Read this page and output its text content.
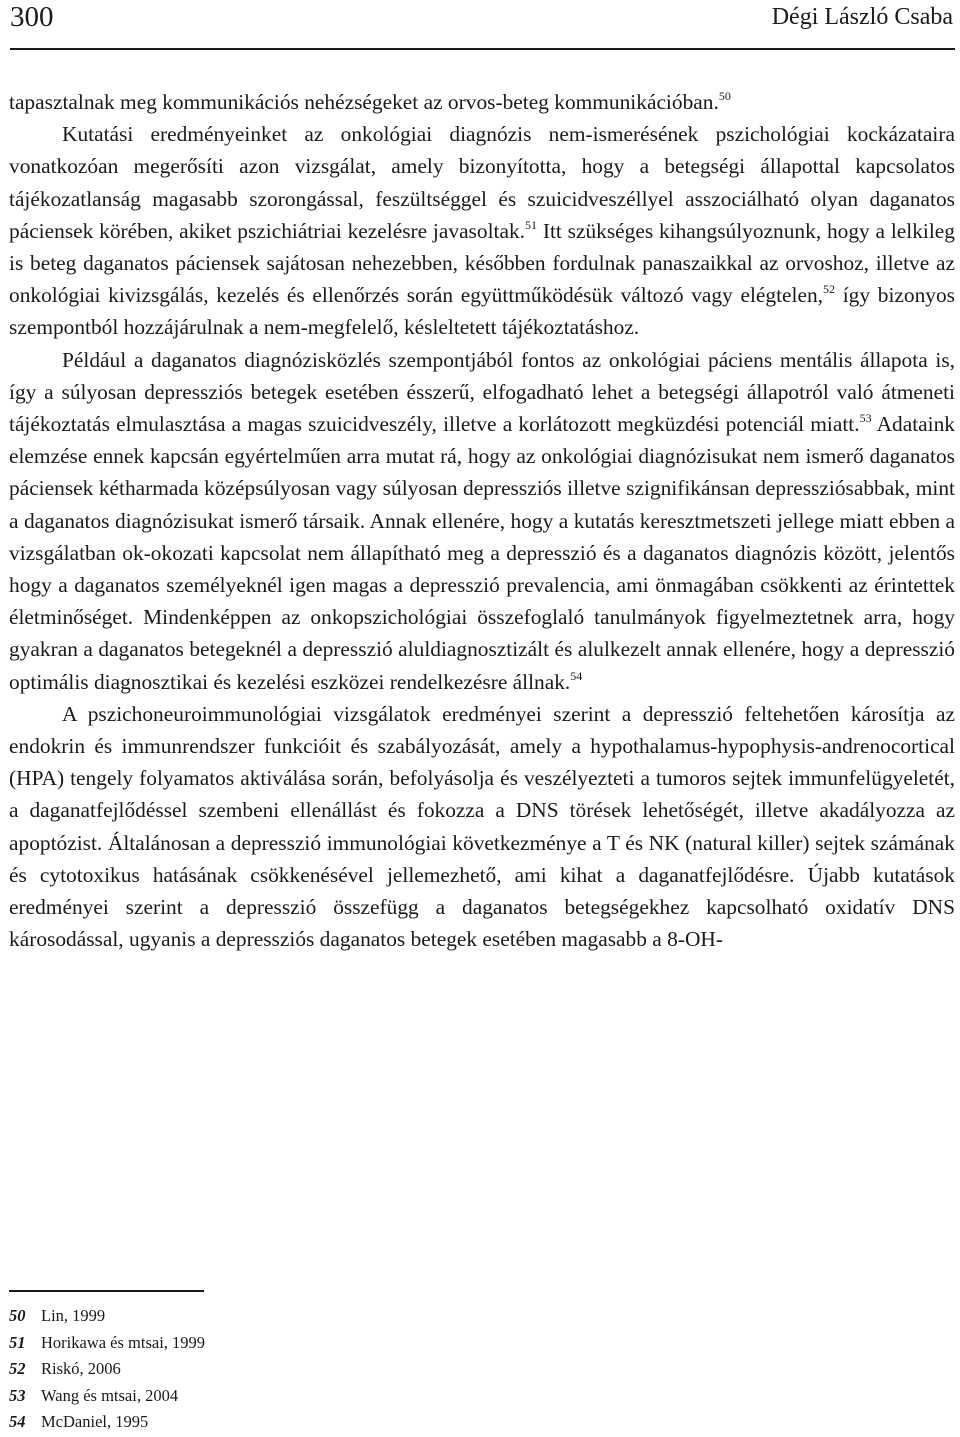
300	Dégi László Csaba

tapasztalnak meg kommunikációs nehézségeket az orvos-beteg kommunikációban.$^{50}$

Kutatási eredményeinket az onkológiai diagnózis nem-ismerésének pszichológiai kockázataira vonatkozóan megerősíti azon vizsgálat, amely bizonyította, hogy a betegségi állapottal kapcsolatos tájékozatlanság magasabb szorongással, feszültséggel és szuicidveszéllyel asszociálható olyan daganatos páciensek körében, akiket pszichiátriai kezelésre javasoltak.$^{51}$ Itt szükséges kihangsúlyoznunk, hogy a lelkileg is beteg daganatos páciensek sajátosan nehezebben, későbben fordulnak panaszaikkal az orvoshoz, illetve az onkológiai kivizsgálás, kezelés és ellenőrzés során együttműködésük változó vagy elégtelen,$^{52}$ így bizonyos szempontból hozzájárulnak a nem-megfelelő, késleltetett tájékoztatáshoz.

Például a daganatos diagnózisközlés szempontjából fontos az onkológiai páciens mentális állapota is, így a súlyosan depressziós betegek esetében ésszerű, elfogadható lehet a betegségi állapotról való átmeneti tájékoztatás elmulasztása a magas szuicidveszély, illetve a korlátozott megküzdési potenciál miatt.$^{53}$ Adataink elemzése ennek kapcsán egyértelműen arra mutat rá, hogy az onkológiai diagnózisukat nem ismerő daganatos páciensek kétharmada középsúlyosan vagy súlyosan depressziós illetve szignifikánsan depressziósabbak, mint a daganatos diagnózisukat ismerő társaik. Annak ellenére, hogy a kutatás keresztmetszeti jellege miatt ebben a vizsgálatban ok-okozati kapcsolat nem állapítható meg a depresszió és a daganatos diagnózis között, jelentős hogy a daganatos személyeknél igen magas a depresszió prevalencia, ami önmagában csökkenti az érintettek életminőséget. Mindenképpen az onkopszichológiai összefoglaló tanulmányok figyelmeztetnek arra, hogy gyakran a daganatos betegeknél a depresszió aluldiagnosztizált és alulkezelt annak ellenére, hogy a depresszió optimális diagnosztikai és kezelési eszközei rendelkezésre állnak.$^{54}$

A pszichoneuroimmunológiai vizsgálatok eredményei szerint a depresszió feltehetően károsítja az endokrin és immunrendszer funkcióit és szabályozását, amely a hypothalamus-hypophysis-andrenocortical (HPA) tengely folyamatos aktiválása során, befolyásolja és veszélyezteti a tumoros sejtek immunfelügyeletét, a daganatfejlődéssel szembeni ellenállást és fokozza a DNS törések lehetőségét, illetve akadályozza az apoptózist. Általánosan a depresszió immunológiai következménye a T és NK (natural killer) sejtek számának és cytotoxikus hatásának csökkenésével jellemezhető, ami kihat a daganatfejlődésre. Újabb kutatások eredményei szerint a depresszió összefügg a daganatos betegségekhez kapcsolható oxidatív DNS károsodással, ugyanis a depressziós daganatos betegek esetében magasabb a 8-OH-

50 Lin, 1999
51 Horikawa és mtsai, 1999
52 Riskó, 2006
53 Wang és mtsai, 2004
54 McDaniel, 1995
